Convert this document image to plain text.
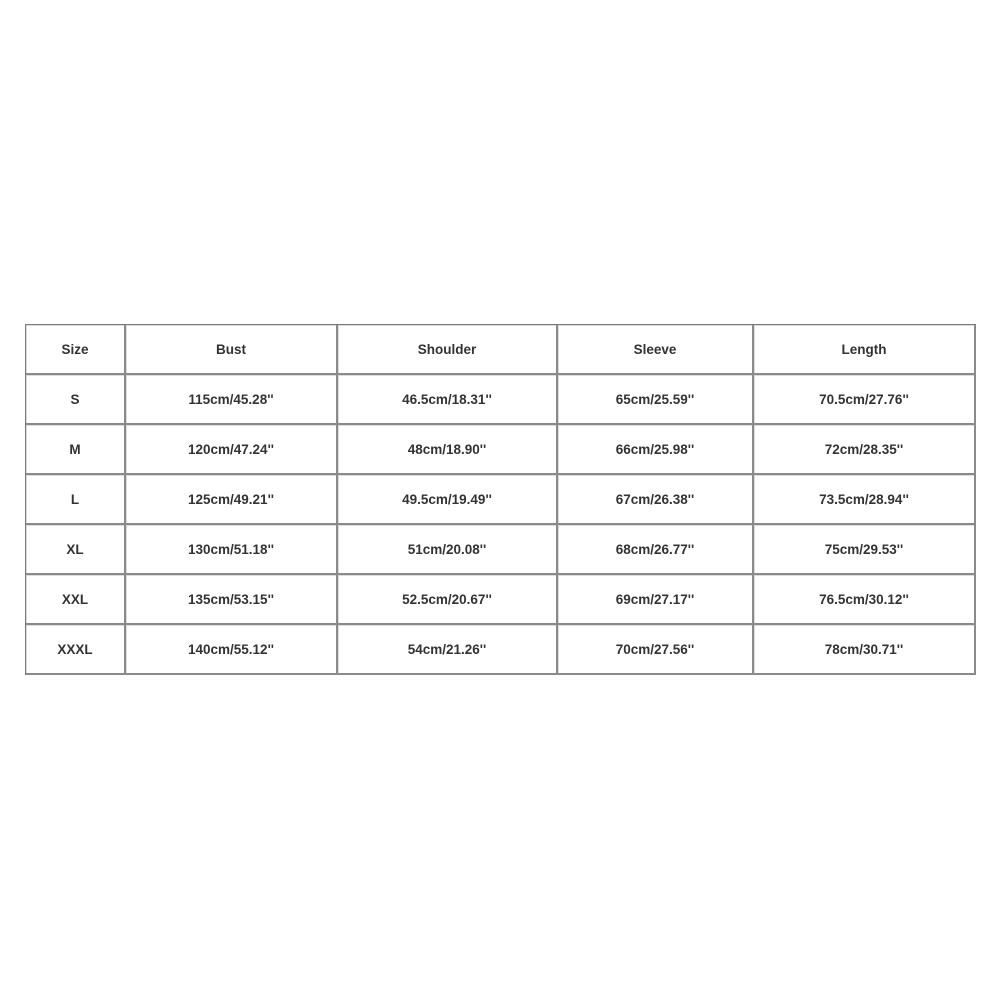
Size	Bust	Shoulder	Sleeve	Length
S	115cm/45.28''	46.5cm/18.31''	65cm/25.59''	70.5cm/27.76''
M	120cm/47.24''	48cm/18.90''	66cm/25.98''	72cm/28.35''
L	125cm/49.21''	49.5cm/19.49''	67cm/26.38''	73.5cm/28.94''
XL	130cm/51.18''	51cm/20.08''	68cm/26.77''	75cm/29.53''
XXL	135cm/53.15''	52.5cm/20.67''	69cm/27.17''	76.5cm/30.12''
XXXL	140cm/55.12''	54cm/21.26''	70cm/27.56''	78cm/30.71''
